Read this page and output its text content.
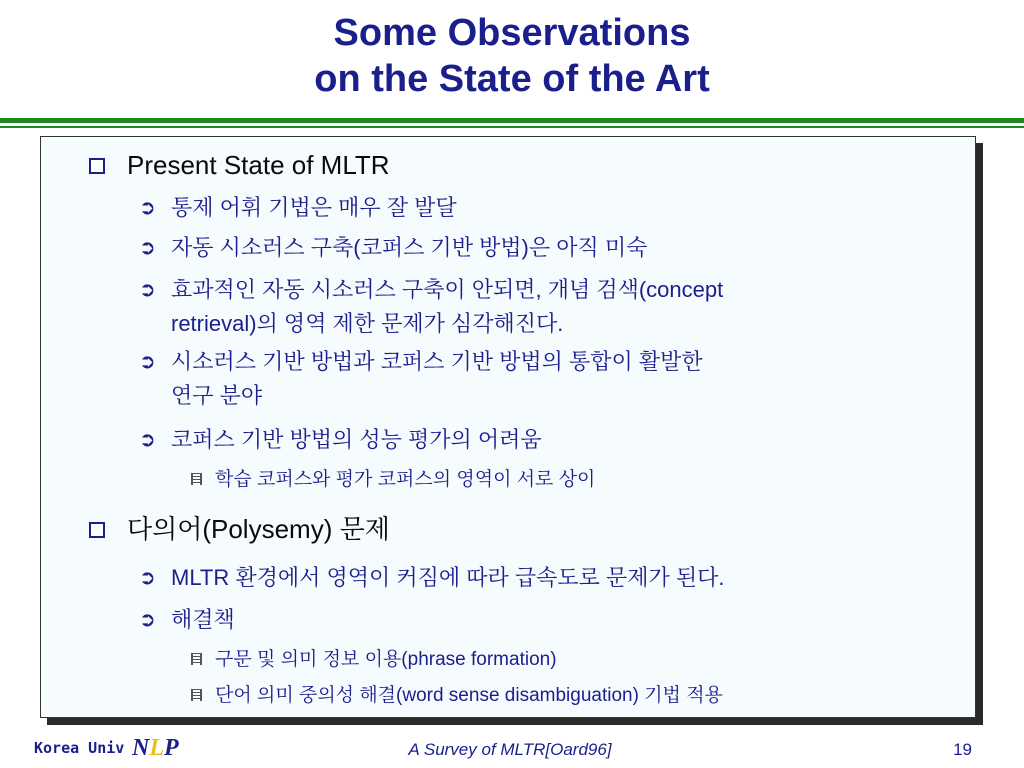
Some Observations
on the State of the Art
Present State of MLTR
➲ 통제 어휘 기법은 매우 잘 발달
➲ 자동 시소러스 구축(코퍼스 기반 방법)은 아직 미숙
➲ 효과적인 자동 시소러스 구축이 안되면, 개념 검색(concept
retrieval)의 영역 제한 문제가 심각해진다.
➲ 시소러스 기반 방법과 코퍼스 기반 방법의 통합이 활발한
연구 분야
➲ 코퍼스 기반 방법의 성능 평가의 어려움
학습 코퍼스와 평가 코퍼스의 영역이 서로 상이
다의어(Polysemy) 문제
➲ MLTR 환경에서 영역이 커짐에 따라 급속도로 문제가 된다.
➲ 해결책
구문 및 의미 정보 이용(phrase formation)
단어 의미 중의성 해결(word sense disambiguation) 기법 적용
Korea Univ NLP	A Survey of MLTR[Oard96]	19
